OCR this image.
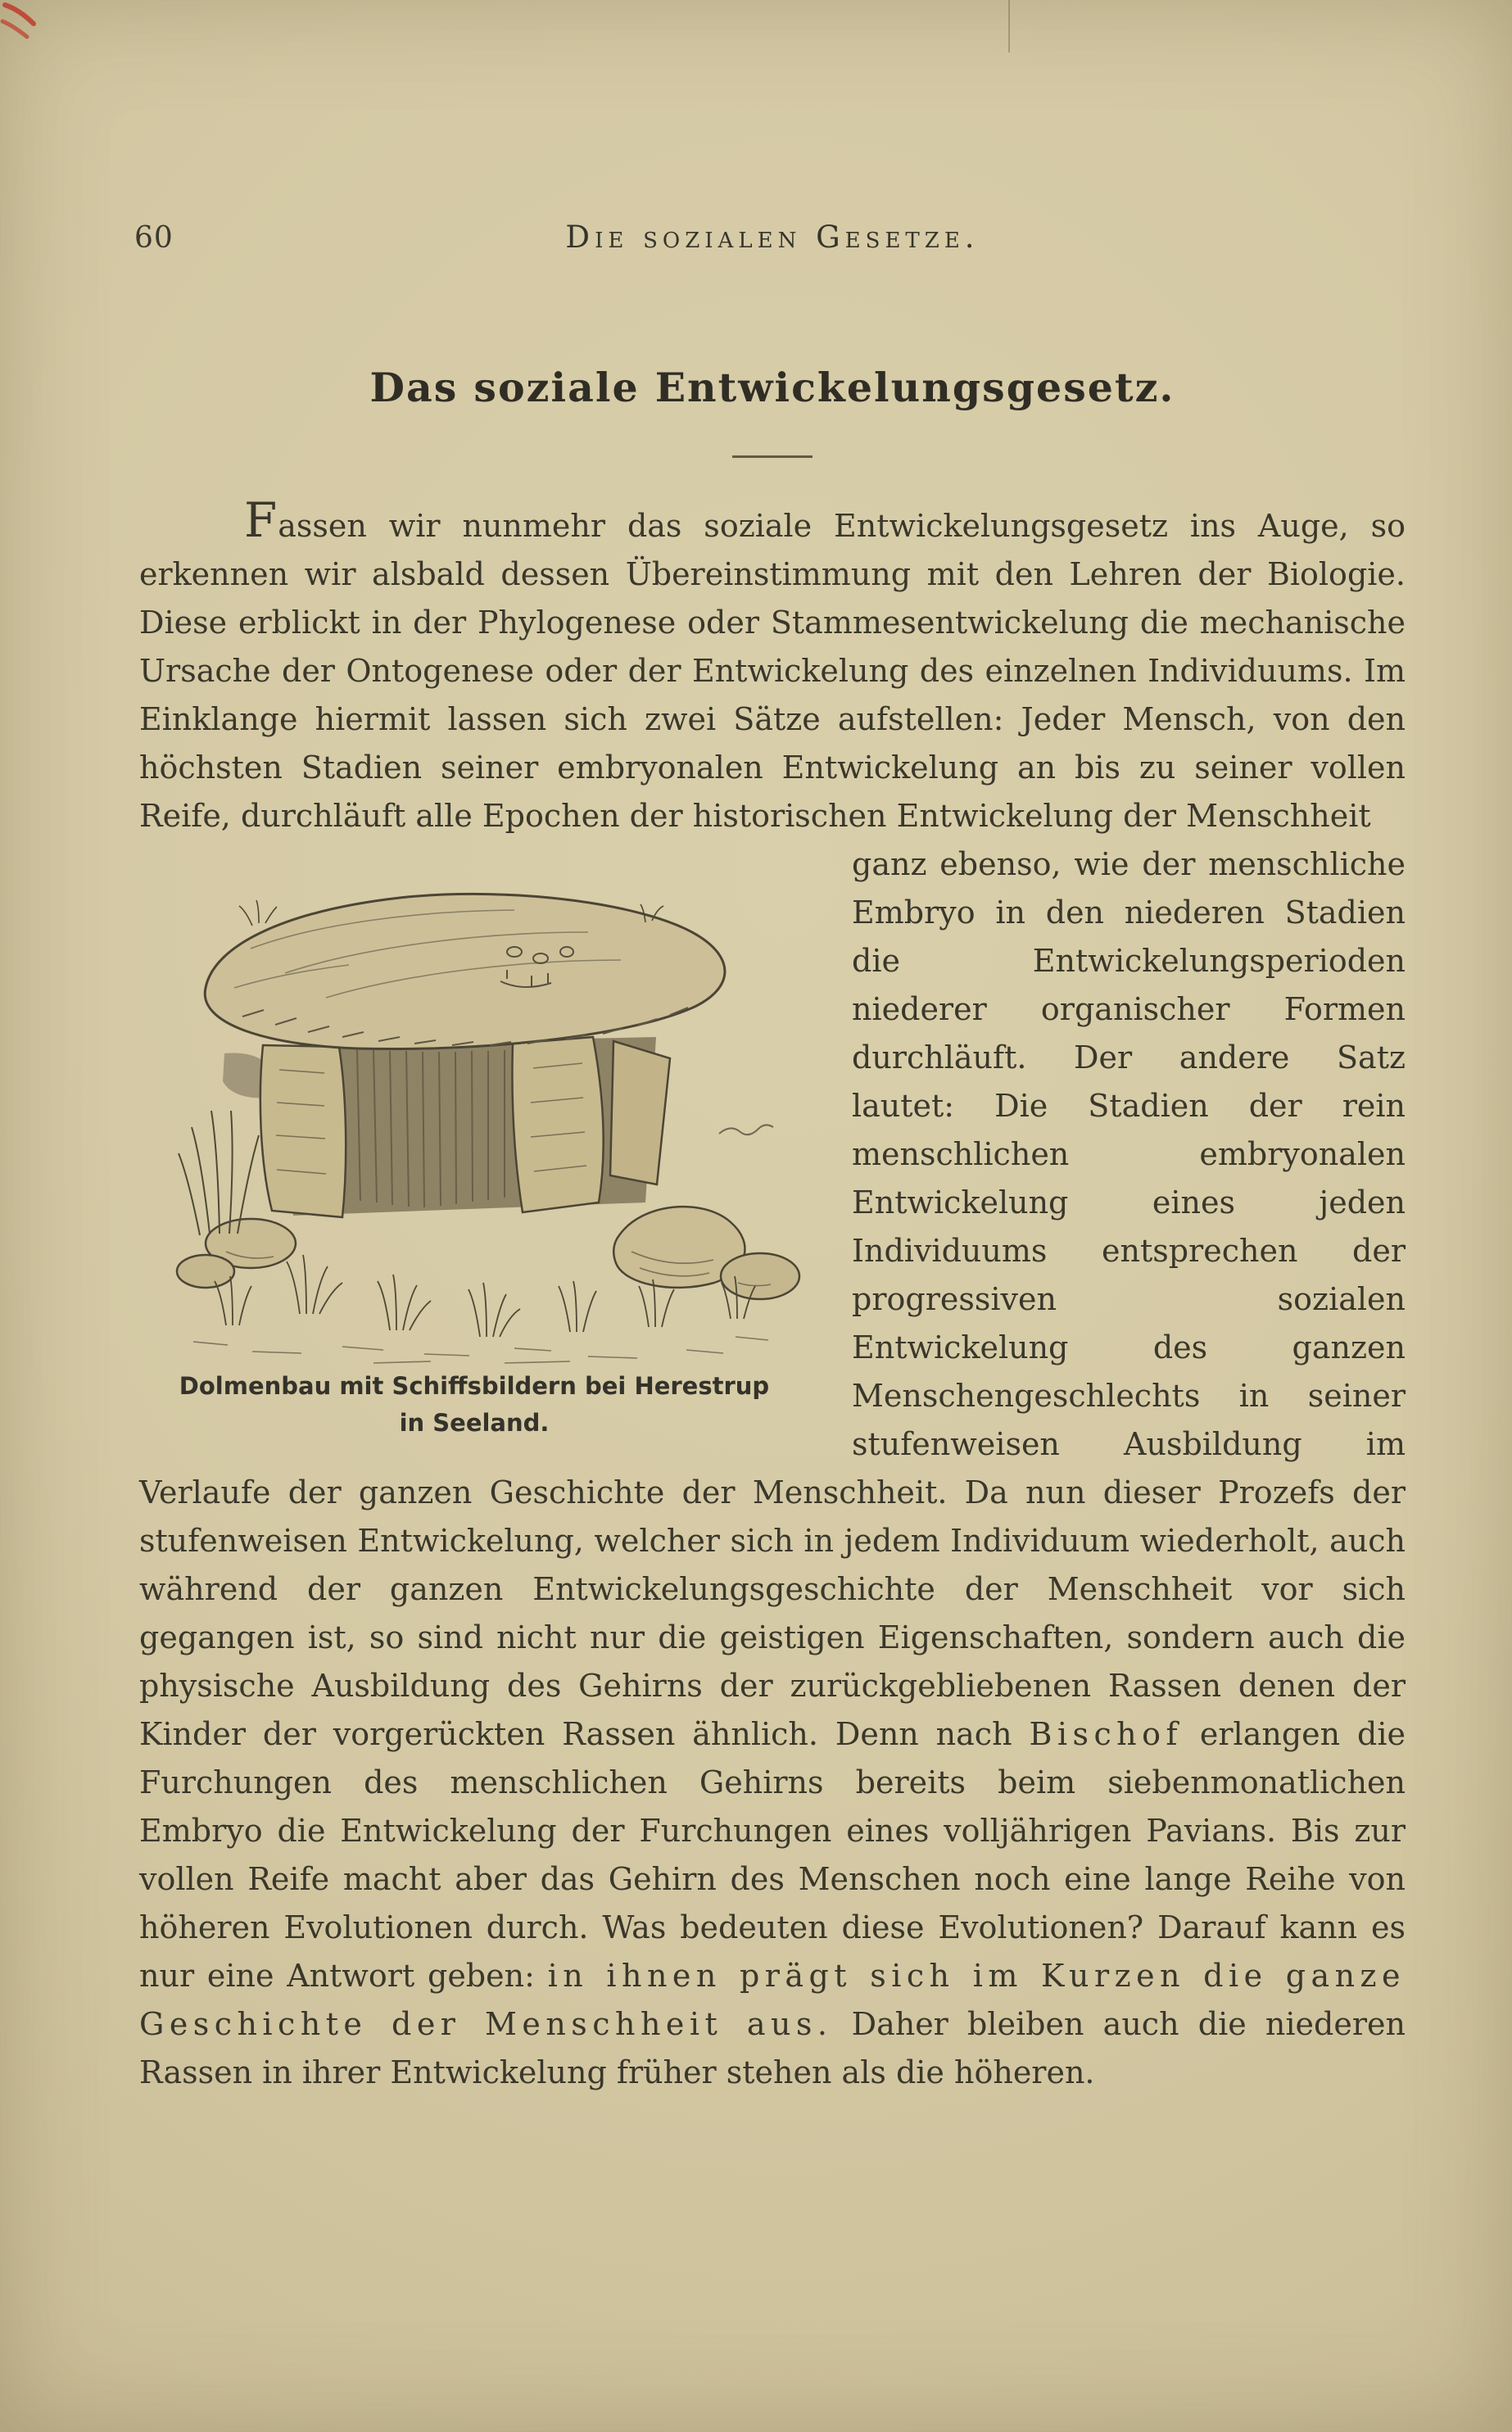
60	Die sozialen Gesetze.
Das soziale Entwickelungsgesetz.
Fassen wir nunmehr das soziale Entwickelungsgesetz ins Auge, so erkennen wir alsbald dessen Übereinstimmung mit den Lehren der Biologie. Diese erblickt in der Phylogenese oder Stammesentwickelung die mechanische Ursache der Ontogenese oder der Entwickelung des einzelnen Individuums. Im Einklange hiermit lassen sich zwei Sätze aufstellen: Jeder Mensch, von den höchsten Stadien seiner embryonalen Entwickelung an bis zu seiner vollen Reife, durchläuft alle Epochen der historischen Entwickelung der Menschheit
Dolmenbau mit Schiffsbildern bei Herestrup
in Seeland.
ganz ebenso, wie der menschliche Embryo in den niederen Stadien die Entwickelungsperioden niederer organischer Formen durchläuft. Der andere Satz lautet: Die Stadien der rein menschlichen embryonalen Entwickelung eines jeden Individuums entsprechen der progressiven sozialen Entwickelung des ganzen Menschengeschlechts in seiner stufenweisen Ausbildung im Verlaufe der ganzen Geschichte der Menschheit. Da nun dieser Prozefs der stufenweisen Entwickelung, welcher sich in jedem Individuum wiederholt, auch während der ganzen Entwickelungsgeschichte der Menschheit vor sich gegangen ist, so sind nicht nur die geistigen Eigenschaften, sondern auch die physische Ausbildung des Gehirns der zurückgebliebenen Rassen denen der Kinder der vorgerückten Rassen ähnlich. Denn nach Bischof erlangen die Furchungen des menschlichen Gehirns bereits beim siebenmonatlichen Embryo die Entwickelung der Furchungen eines volljährigen Pavians. Bis zur vollen Reife macht aber das Gehirn des Menschen noch eine lange Reihe von höheren Evolutionen durch. Was bedeuten diese Evolutionen? Darauf kann es nur eine Antwort geben: in ihnen prägt sich im Kurzen die ganze Geschichte der Menschheit aus. Daher bleiben auch die niederen Rassen in ihrer Entwickelung früher stehen als die höheren.
